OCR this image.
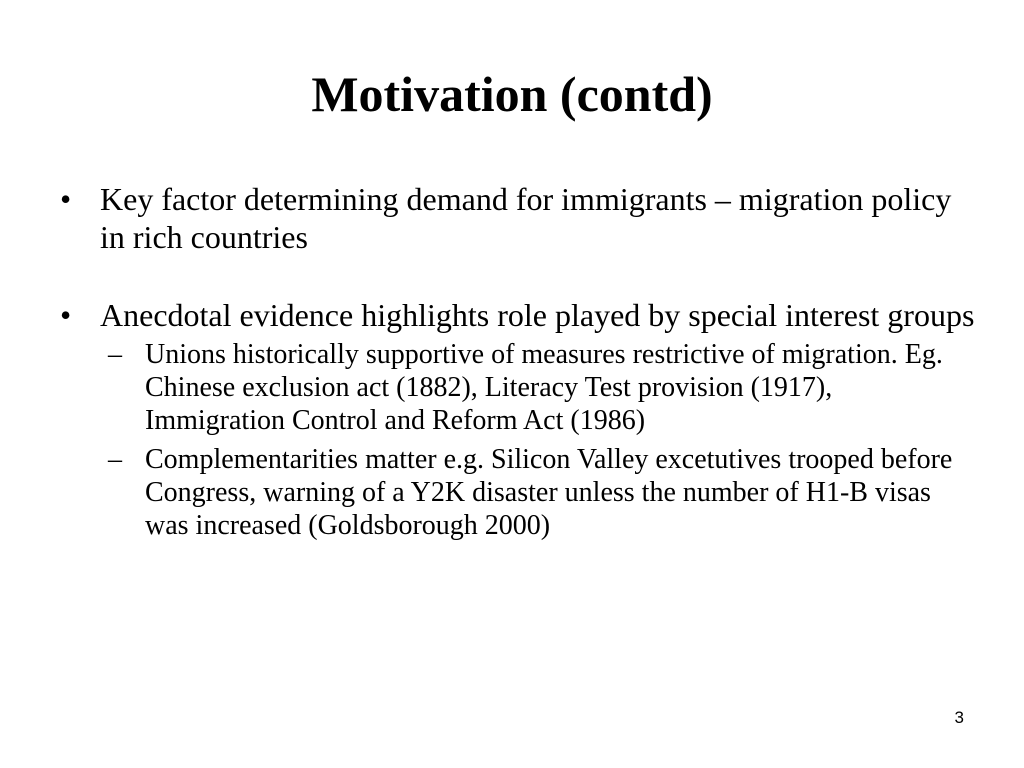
Motivation (contd)
• Key factor determining demand for immigrants – migration policy in rich countries
• Anecdotal evidence highlights role played by special interest groups
– Unions historically supportive of measures restrictive of migration. Eg. Chinese exclusion act (1882), Literacy Test provision (1917), Immigration Control and Reform Act (1986)
– Complementarities matter e.g. Silicon Valley excetutives trooped before Congress, warning of a Y2K disaster unless the number of H1-B visas was increased (Goldsborough 2000)
3
